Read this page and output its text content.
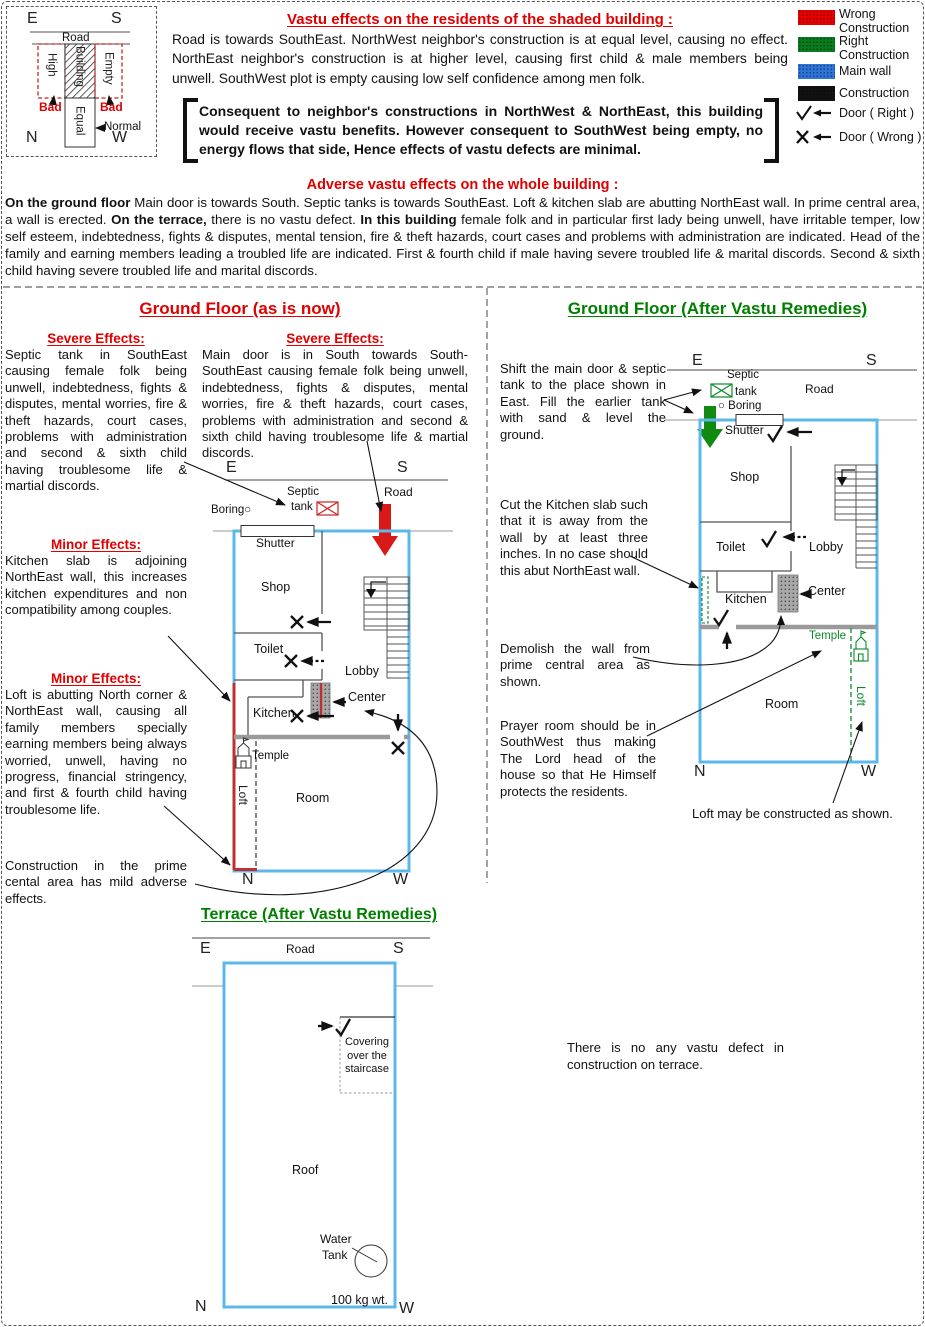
E	S
Road
High Building Empty
Bad	Bad
Equal Normal
N	W
Wrong Construction
Right Construction
Main wall
Construction
Door ( Right )
Door ( Wrong )
Vastu effects on the residents of the shaded building :
Road is towards SouthEast. NorthWest neighbor's construction is at equal level, causing no effect. NorthEast neighbor's construction is at higher level, causing first child & male members being unwell. SouthWest plot is empty causing low self confidence among men folk.
Consequent to neighbor's constructions in NorthWest & NorthEast, this building would receive vastu benefits. However consequent to SouthWest being empty, no energy flows that side, Hence effects of vastu defects are minimal.
Adverse vastu effects on the whole building :
On the ground floor Main door is towards South. Septic tanks is towards SouthEast. Loft & kitchen slab are abutting NorthEast wall. In prime central area, a wall is erected. On the terrace, there is no vastu defect. In this building female folk and in particular first lady being unwell, have irritable temper, low self esteem, indebtedness, fights & disputes, mental tension, fire & theft hazards, court cases and problems with administration are indicated. Head of the family and earning members leading a troubled life are indicated. First & fourth child if male having severe troubled life & marital discords. Second & sixth child having severe troubled life and marital discords.
Ground Floor (as is now)
Severe Effects:
Septic tank in SouthEast causing female folk being unwell, indebtedness, fights & disputes, mental worries, fire & theft hazards, court cases, problems with administration and second & sixth child having troublesome life & martial discords.
Severe Effects:
Main door is in South towards South-SouthEast causing female folk being unwell, indebtedness, fights & disputes, mental worries, fire & theft hazards, court cases, problems with administration and second & sixth child having troublesome life & martial discords.
Minor Effects:
Kitchen slab is adjoining NorthEast wall, this increases kitchen expenditures and non compatibility among couples.
Minor Effects:
Loft is abutting North corner & NorthEast wall, causing all family members specially earning members being always worried, unwell, having no progress, financial stringency, and first & fourth child having troublesome life.
Construction in the prime cental area has mild adverse effects.
E	S
Road
Septic
tank
Boring○
Shutter
Shop
Toilet
Lobby
Kitchen
Center
Temple
Loft	Room
N	W
Ground Floor (After Vastu Remedies)
Shift the main door & septic tank to the place shown in East. Fill the earlier tank with sand & level the ground.
Cut the Kitchen slab such that it is away from the wall by at least three inches. In no case should this abut NorthEast wall.
Demolish the wall from prime central area as shown.
Prayer room should be in SouthWest thus making The Lord head of the house so that He Himself protects the residents.
Loft may be constructed as shown.
E	S
Septic
tank	Road
○ Boring
Shutter
Shop
Toilet	Lobby
Kitchen
Center
Temple
Loft
Room
N	W
Terrace (After Vastu Remedies)
There is no any vastu defect in construction on terrace.
E	Road	S
Covering over the staircase
Roof
Water
Tank
100 kg wt.
N	W
